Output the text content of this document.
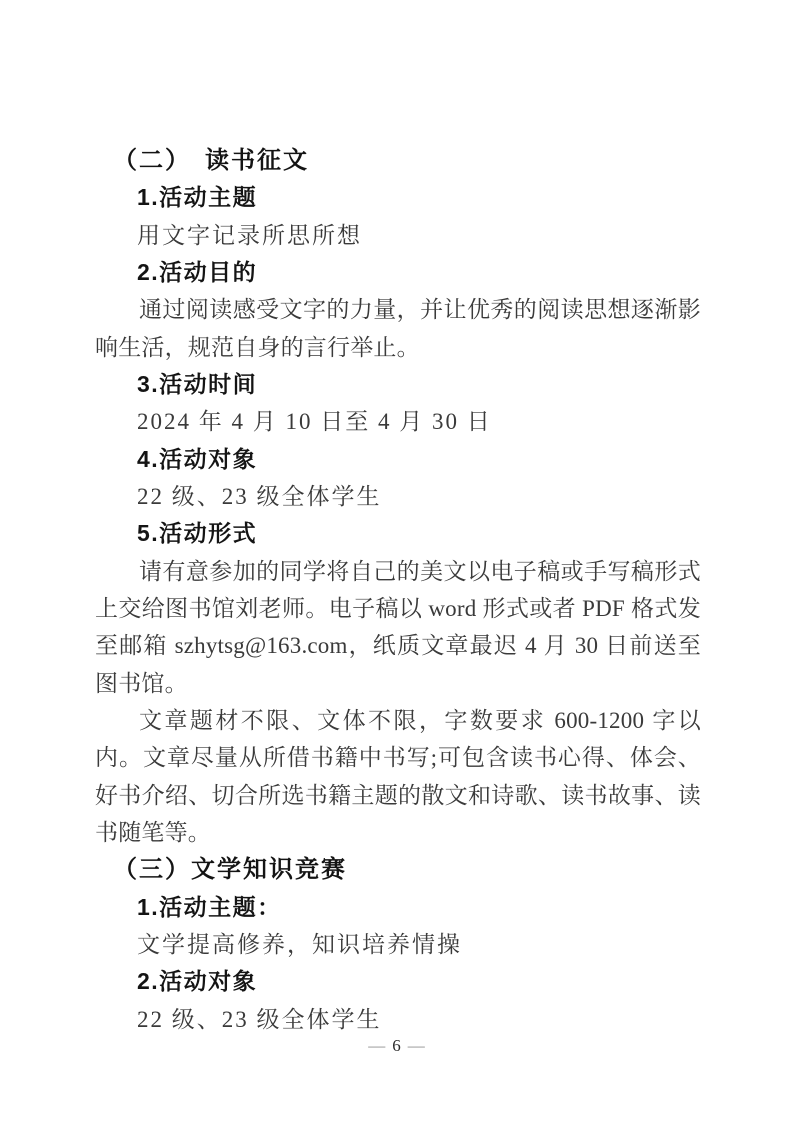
（二）　读书征文

1.活动主题

用文字记录所思所想

2.活动目的

通过阅读感受文字的力量，并让优秀的阅读思想逐渐影响生活，规范自身的言行举止。

3.活动时间

2024 年 4 月 10 日至 4 月 30 日

4.活动对象

22 级、23 级全体学生

5.活动形式

请有意参加的同学将自己的美文以电子稿或手写稿形式上交给图书馆刘老师。电子稿以 word 形式或者 PDF 格式发至邮箱 szhytsg@163.com，纸质文章最迟 4 月 30 日前送至图书馆。

文章题材不限、文体不限，字数要求 600-1200 字以内。文章尽量从所借书籍中书写;可包含读书心得、体会、好书介绍、切合所选书籍主题的散文和诗歌、读书故事、读书随笔等。

（三）文学知识竞赛

1.活动主题：

文学提高修养，知识培养情操

2.活动对象

22 级、23 级全体学生

— 6 —
